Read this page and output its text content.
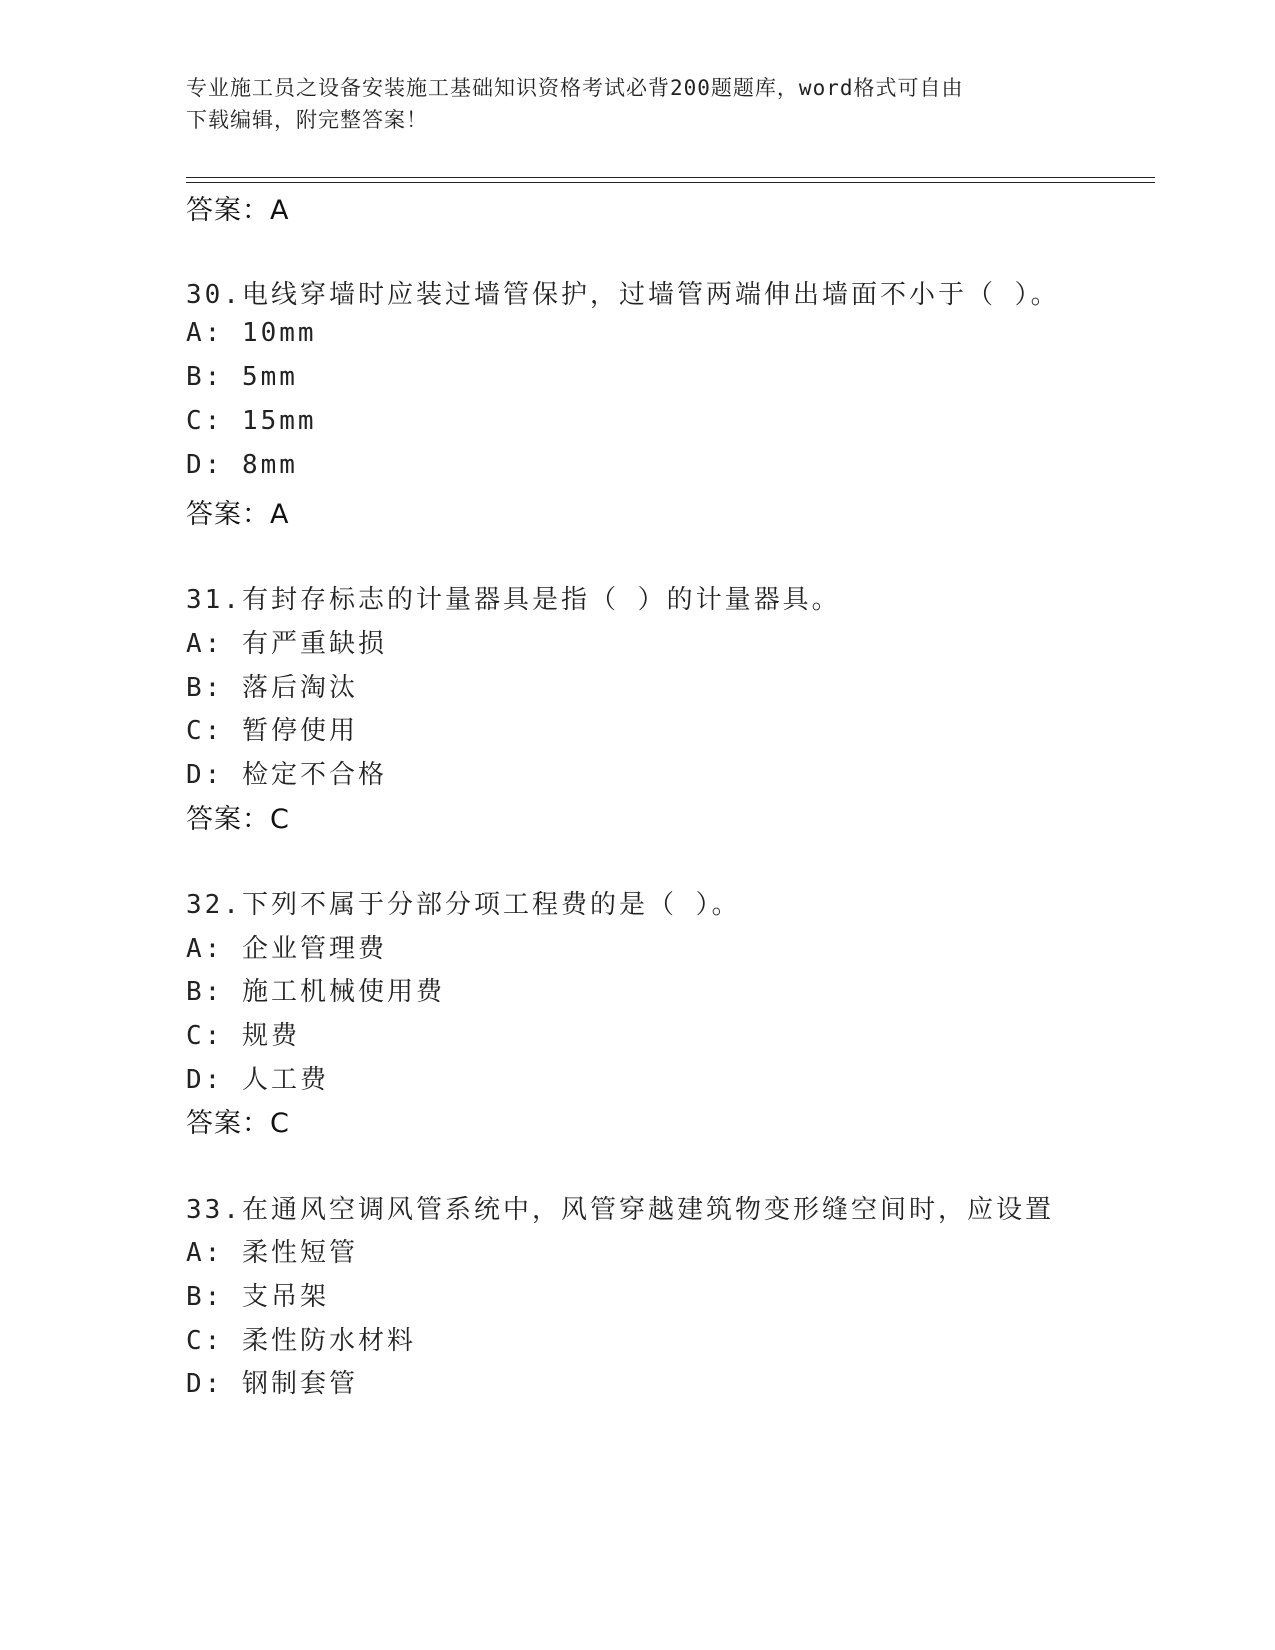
专业施工员之设备安装施工基础知识资格考试必背200题题库，word格式可自由
下载编辑，附完整答案！
答案：A
30.电线穿墙时应装过墙管保护，过墙管两端伸出墙面不小于（ ）。
A: 10mm
B: 5mm
C: 15mm
D: 8mm
答案：A
31.有封存标志的计量器具是指（ ）的计量器具。
A: 有严重缺损
B: 落后淘汰
C: 暂停使用
D: 检定不合格
答案：C
32.下列不属于分部分项工程费的是（ ）。
A: 企业管理费
B: 施工机械使用费
C: 规费
D: 人工费
答案：C
33.在通风空调风管系统中，风管穿越建筑物变形缝空间时，应设置
A: 柔性短管
B: 支吊架
C: 柔性防水材料
D: 钢制套管
